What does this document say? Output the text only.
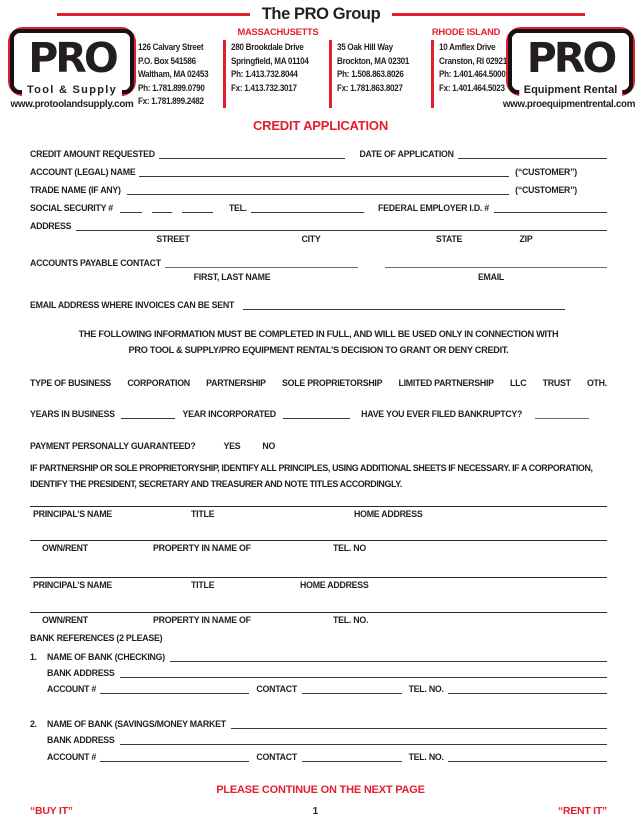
The PRO Group
PRO
Tool & Supply
www.protoolandsupply.com
PRO
Equipment Rental
www.proequipmentrental.com
MASSACHUSETTS	RHODE ISLAND
126 Calvary Street
P.O. Box 541586
Waltham, MA 02453
Ph: 1.781.899.0790
Fx: 1.781.899.2482
280 Brookdale Drive
Springfield, MA 01104
Ph: 1.413.732.8044
Fx: 1.413.732.3017
35 Oak Hill Way
Brockton, MA 02301
Ph: 1.508.863.8026
Fx: 1.781.863.8027
10 Amflex Drive
Cranston, RI 02921
Ph: 1.401.464.5000
Fx: 1.401.464.5023
CREDIT APPLICATION
CREDIT AMOUNT REQUESTED	DATE OF APPLICATION
ACCOUNT (LEGAL) NAME	(“CUSTOMER”)
TRADE NAME (IF ANY)	(“CUSTOMER”)
SOCIAL SECURITY #	TEL.	FEDERAL EMPLOYER I.D. #
ADDRESS
STREET	CITY	STATE	ZIP
ACCOUNTS PAYABLE CONTACT
FIRST, LAST NAME	EMAIL
EMAIL ADDRESS WHERE INVOICES CAN BE SENT
THE FOLLOWING INFORMATION MUST BE COMPLETED IN FULL, AND WILL BE USED ONLY IN CONNECTION WITH
PRO TOOL & SUPPLY/PRO EQUIPMENT RENTAL’S DECISION TO GRANT OR DENY CREDIT.
TYPE OF BUSINESS CORPORATION PARTNERSHIP SOLE PROPRIETORSHIP LIMITED PARTNERSHIP LLC TRUST OTH.
YEARS IN BUSINESS	YEAR INCORPORATED	HAVE YOU EVER FILED BANKRUPTCY?
PAYMENT PERSONALLY GUARANTEED?	YES	NO
IF PARTNERSHIP OR SOLE PROPRIETORYSHIP, IDENTIFY ALL PRINCIPLES, USING ADDITIONAL SHEETS IF NECESSARY. IF A CORPORATION,
IDENTIFY THE PRESIDENT, SECRETARY AND TREASURER AND NOTE TITLES ACCORDINGLY.
PRINCIPAL’S NAME	TITLE	HOME ADDRESS
OWN/RENT	PROPERTY IN NAME OF	TEL. NO
PRINCIPAL’S NAME	TITLE	HOME ADDRESS
OWN/RENT	PROPERTY IN NAME OF	TEL. NO.
BANK REFERENCES (2 PLEASE)
1.	NAME OF BANK (CHECKING)
BANK ADDRESS
ACCOUNT #	CONTACT	TEL. NO.
2.	NAME OF BANK (SAVINGS/MONEY MARKET
BANK ADDRESS
ACCOUNT #	CONTACT	TEL. NO.
PLEASE CONTINUE ON THE NEXT PAGE
“BUY IT”	1	“RENT IT”
